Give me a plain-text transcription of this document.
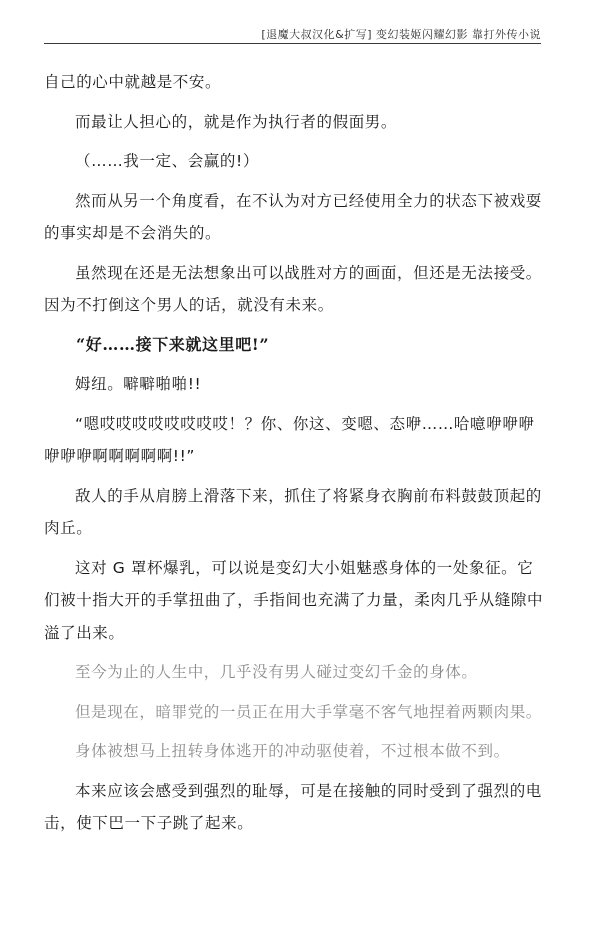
[退魔大叔汉化&扩写] 变幻装姬闪耀幻影 靠打外传小说

自己的心中就越是不安。

而最让人担心的，就是作为执行者的假面男。

（……我一定、会赢的!）

然而从另一个角度看，在不认为对方已经使用全力的状态下被戏耍的事实却是不会消失的。

虽然现在还是无法想象出可以战胜对方的画面，但还是无法接受。因为不打倒这个男人的话，就没有未来。

“好……接下来就这里吧!”

姆纽。噼噼啪啪!!

“嗯哎哎哎哎哎哎哎哎！？你、你这、变嗯、态咿……哈噫咿咿咿咿咿咿啊啊啊啊啊!!”

敌人的手从肩膀上滑落下来，抓住了将紧身衣胸前布料鼓鼓顶起的肉丘。

这对 G 罩杯爆乳，可以说是变幻大小姐魅惑身体的一处象征。它们被十指大开的手掌扭曲了，手指间也充满了力量，柔肉几乎从缝隙中溢了出来。

至今为止的人生中，几乎没有男人碰过变幻千金的身体。

但是现在，暗罪党的一员正在用大手掌毫不客气地捏着两颗肉果。

身体被想马上扭转身体逃开的冲动驱使着，不过根本做不到。

本来应该会感受到强烈的耻辱，可是在接触的同时受到了强烈的电击，使下巴一下子跳了起来。
